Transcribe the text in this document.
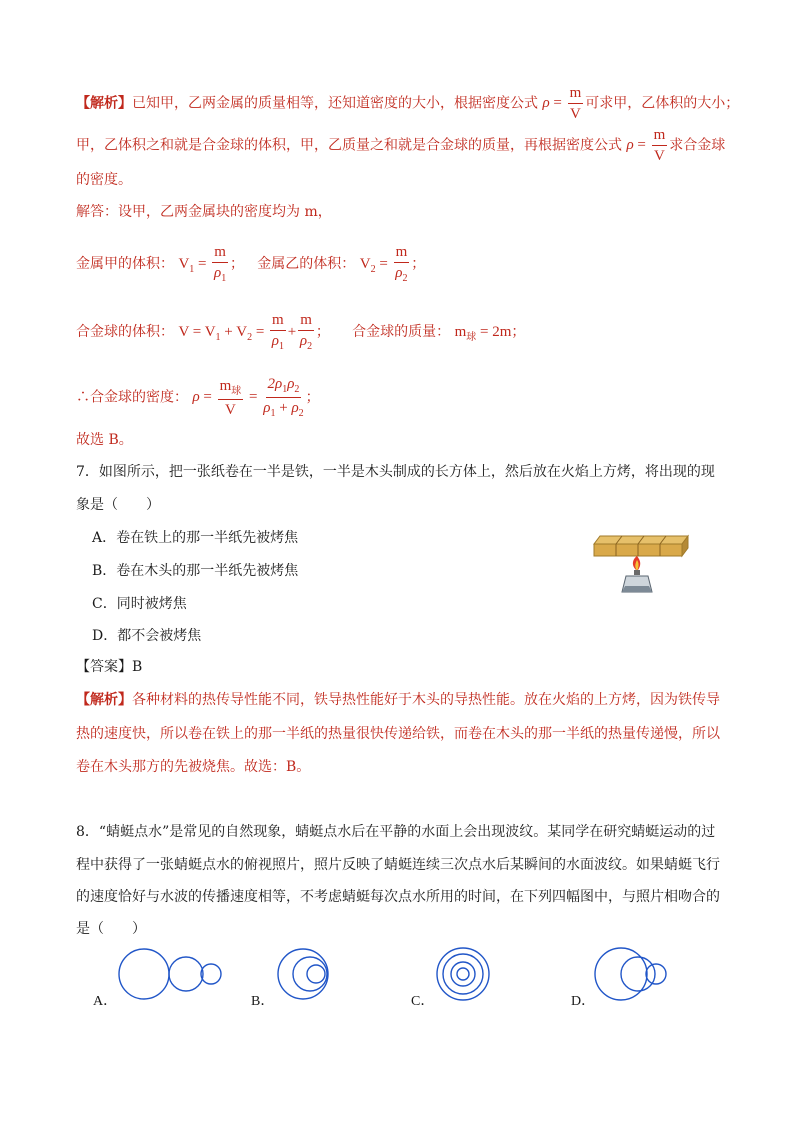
【解析】已知甲，乙两金属的质量相等，还知道密度的大小，根据密度公式 $\rho = \frac{m}{V}$ 可求甲，乙体积的大小；
甲，乙体积之和就是合金球的体积，甲，乙质量之和就是合金球的质量，再根据密度公式 $\rho = \frac{m}{V}$ 求合金球
的密度。
解答：设甲，乙两金属块的密度均为 m，
金属甲的体积： $V_1 = \frac{m}{\rho_1}$ ； 金属乙的体积： $V_2 = \frac{m}{\rho_2}$ ；
合金球的体积： $V = V_1 + V_2 = \frac{m}{\rho_1} + \frac{m}{\rho_2}$ ； 合金球的质量： $m_球 = 2m$；
∴合金球的密度： $\rho = \frac{m_球}{V} = \frac{2\rho_1\rho_2}{\rho_1 + \rho_2}$ ；
故选 B。
7．如图所示，把一张纸卷在一半是铁，一半是木头制成的长方体上，然后放在火焰上方烤，将出现的现
象是（　　）
A．卷在铁上的那一半纸先被烤焦
B．卷在木头的那一半纸先被烤焦
C．同时被烤焦
D．都不会被烤焦
【答案】B
【解析】各种材料的热传导性能不同，铁导热性能好于木头的导热性能。放在火焰的上方烤，因为铁传导
热的速度快，所以卷在铁上的那一半纸的热量很快传递给铁，而卷在木头的那一半纸的热量传递慢，所以
卷在木头那方的先被烧焦。故选：B。
8．“蜻蜓点水”是常见的自然现象，蜻蜓点水后在平静的水面上会出现波纹。某同学在研究蜻蜓运动的过
程中获得了一张蜻蜓点水的俯视照片，照片反映了蜻蜓连续三次点水后某瞬间的水面波纹。如果蜻蜓飞行
的速度恰好与水波的传播速度相等，不考虑蜻蜓每次点水所用的时间，在下列四幅图中，与照片相吻合的
是（　　）
A．	B．	C．	D．
